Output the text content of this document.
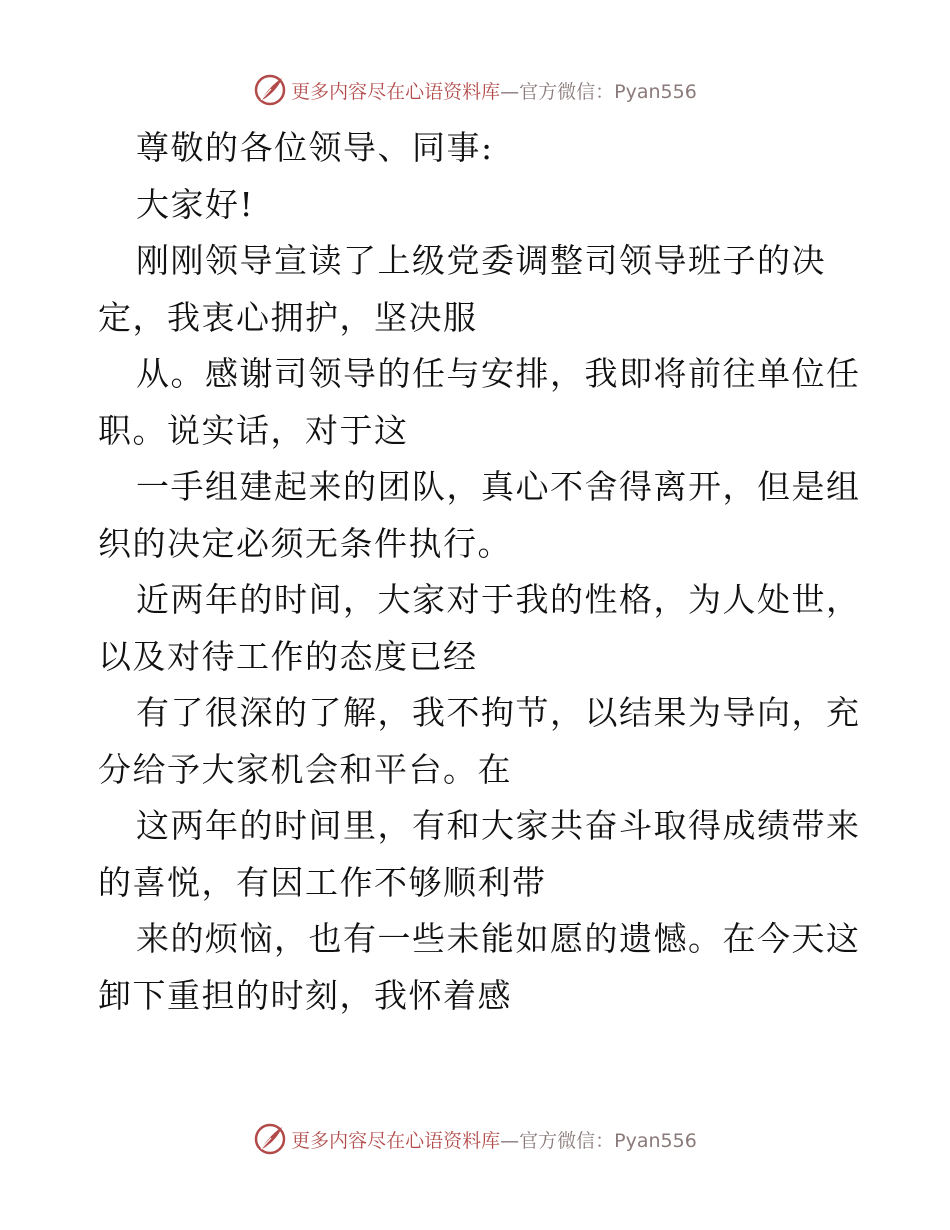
更多内容尽在心语资料库—官方微信：Pyan556
尊敬的各位领导、同事:
大家好!
刚刚领导宣读了上级党委调整司领导班子的决
定，我衷心拥护，坚决服
从。感谢司领导的任与安排，我即将前往单位任
职。说实话，对于这
一手组建起来的团队，真心不舍得离开，但是组
织的决定必须无条件执行。
近两年的时间，大家对于我的性格，为人处世，
以及对待工作的态度已经
有了很深的了解，我不拘节，以结果为导向，充
分给予大家机会和平台。在
这两年的时间里，有和大家共奋斗取得成绩带来
的喜悦，有因工作不够顺利带
来的烦恼，也有一些未能如愿的遗憾。在今天这
卸下重担的时刻，我怀着感
更多内容尽在心语资料库—官方微信：Pyan556
